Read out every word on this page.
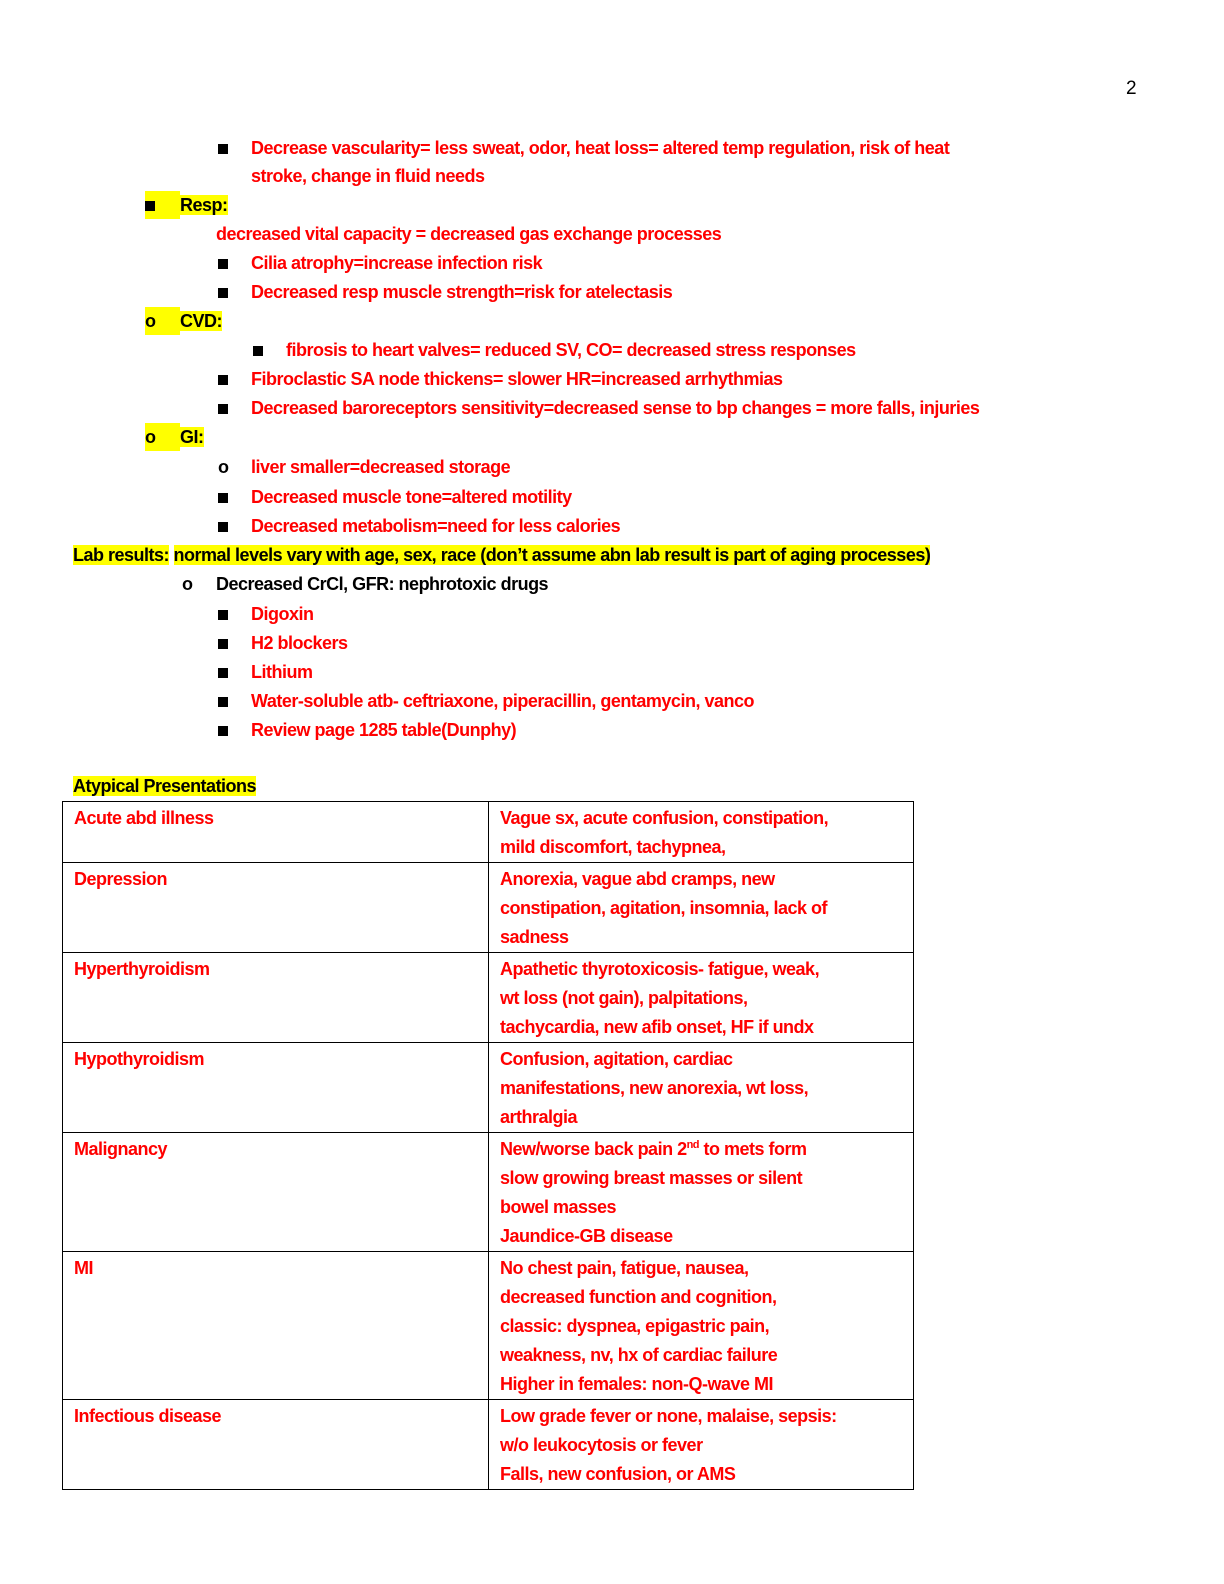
2
Decrease vascularity= less sweat, odor, heat loss= altered temp regulation, risk of heat
stroke, change in fluid needs
Resp:
decreased vital capacity = decreased gas exchange processes
Cilia atrophy=increase infection risk
Decreased resp muscle strength=risk for atelectasis
o	CVD:
fibrosis to heart valves= reduced SV, CO= decreased stress responses
Fibroclastic SA node thickens= slower HR=increased arrhythmias
Decreased baroreceptors sensitivity=decreased sense to bp changes = more falls, injuries
o	GI:
o liver smaller=decreased storage
Decreased muscle tone=altered motility
Decreased metabolism=need for less calories
Lab results: normal levels vary with age, sex, race (don’t assume abn lab result is part of aging processes)
o Decreased CrCl, GFR: nephrotoxic drugs
Digoxin
H2 blockers
Lithium
Water-soluble atb- ceftriaxone, piperacillin, gentamycin, vanco
Review page 1285 table(Dunphy)
Atypical Presentations
Acute abd illness	Vague sx, acute confusion, constipation,
mild discomfort, tachypnea,

Depression	Anorexia, vague abd cramps, new
constipation, agitation, insomnia, lack of
sadness

Hyperthyroidism	Apathetic thyrotoxicosis- fatigue, weak,
wt loss (not gain), palpitations,
tachycardia, new afib onset, HF if undx

Hypothyroidism	Confusion, agitation, cardiac
manifestations, new anorexia, wt loss,
arthralgia

Malignancy	New/worse back pain 2nd to mets form
slow growing breast masses or silent
bowel masses
Jaundice-GB disease

MI	No chest pain, fatigue, nausea,
decreased function and cognition,
classic: dyspnea, epigastric pain,
weakness, nv, hx of cardiac failure
Higher in females: non-Q-wave MI

Infectious disease	Low grade fever or none, malaise, sepsis:
w/o leukocytosis or fever
Falls, new confusion, or AMS
